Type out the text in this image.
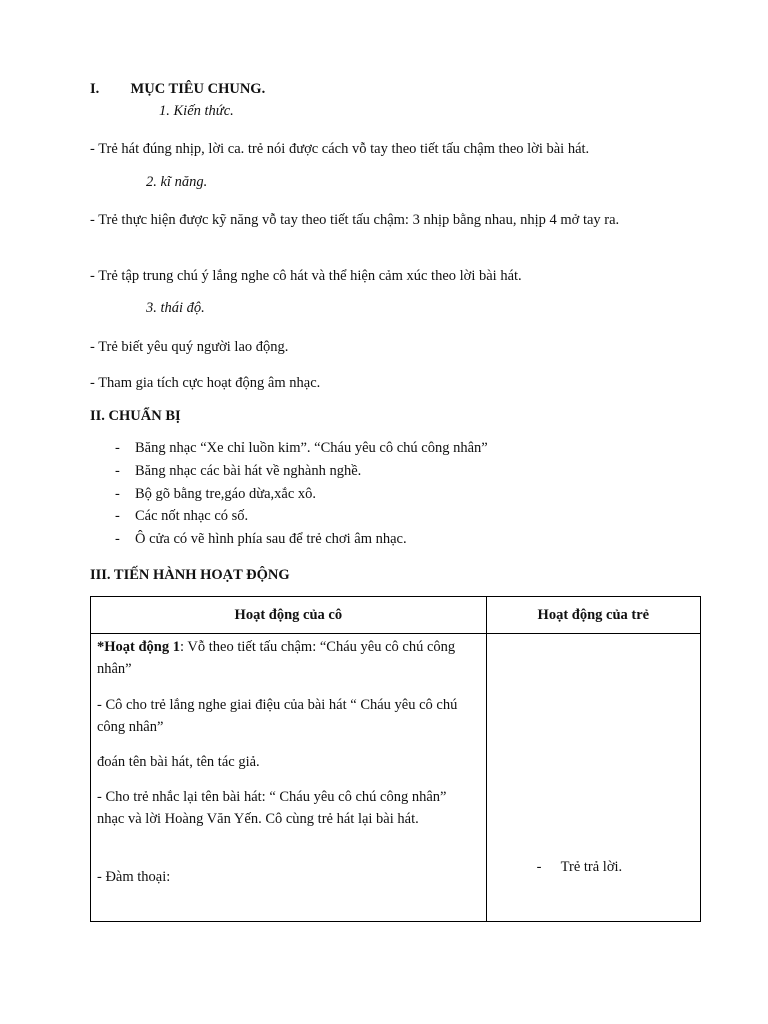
I. MỤC TIÊU CHUNG.
1. Kiến thức.
- Trẻ hát đúng nhịp, lời ca. trẻ nói được cách vỗ tay theo tiết tấu chậm theo lời bài hát.
2. kĩ năng.
- Trẻ thực hiện được kỹ năng vỗ tay theo tiết tấu chậm: 3 nhịp bằng nhau, nhịp 4 mở tay ra.
- Trẻ tập trung chú ý lắng nghe cô hát và thể hiện cảm xúc theo lời bài hát.
3. thái độ.
- Trẻ biết yêu quý người lao động.
- Tham gia tích cực hoạt động âm nhạc.
II. CHUẨN BỊ
- Băng nhạc “Xe chỉ luồn kim”. “Cháu yêu cô chú công nhân”
- Băng nhạc các bài hát về nghành nghề.
- Bộ gõ bằng tre,gáo dừa,xắc xô.
- Các nốt nhạc có số.
- Ô cửa có vẽ hình phía sau để trẻ chơi âm nhạc.
III. TIẾN HÀNH HOẠT ĐỘNG
Hoạt động của cô	Hoạt động của trẻ

*Hoạt động 1: Vỗ theo tiết tấu chậm: “Cháu yêu cô chú công nhân”
- Cô cho trẻ lắng nghe giai điệu của bài hát “ Cháu yêu cô chú công nhân”
đoán tên bài hát, tên tác giả.
- Cho trẻ nhắc lại tên bài hát: “ Cháu yêu cô chú công nhân” nhạc và lời Hoàng Văn Yến. Cô cùng trẻ hát lại bài hát.
- Đàm thoại:	- Trẻ trả lời.
